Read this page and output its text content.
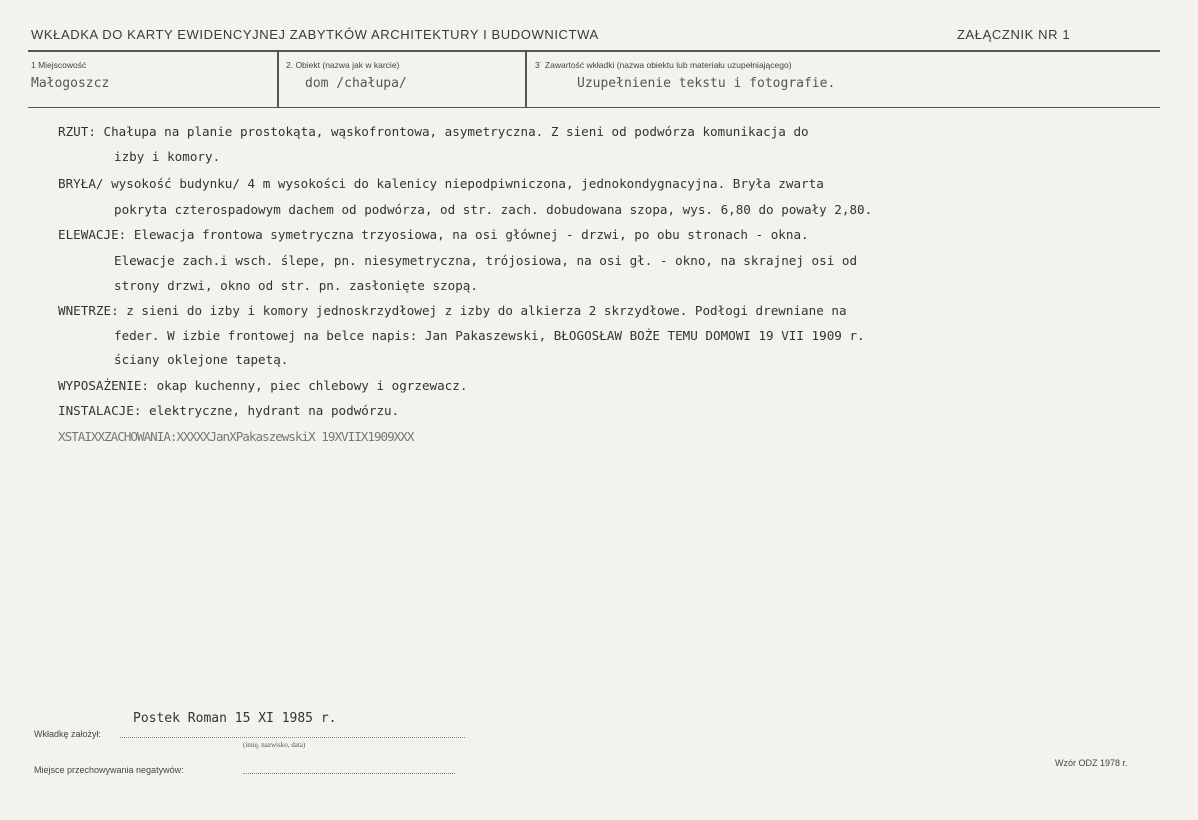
WKŁADKA DO KARTY EWIDENCYJNEJ ZABYTKÓW ARCHITEKTURY I BUDOWNICTWA	ZAŁĄCZNIK NR 1
1 Miejscowość
Małogoszcz
2. Obiekt (nazwa jak w karcie)
dom /chałupa/
3˙ Zawartość wkładki (nazwa obiektu lub materiału uzupełniającego)
Uzupełnienie tekstu i fotografie.
RZUT: Chałupa na planie prostokąta, wąskofrontowa, asymetryczna. Z sieni od podwórza komunikacja do
izby i komory.
BRYŁA/ wysokość budynku/ 4 m wysokości do kalenicy niepodpiwniczona, jednokondygnacyjna. Bryła zwarta
pokryta czterospadowym dachem od podwórza, od str. zach. dobudowana szopa, wys. 6,80 do powały 2,80.
ELEWACJE: Elewacja frontowa symetryczna trzyosiowa, na osi głównej - drzwi, po obu stronach - okna.
Elewacje zach.i wsch. ślepe, pn. niesymetryczna, trójosiowa, na osi gł. - okno, na skrajnej osi od
strony drzwi, okno od str. pn. zasłonięte szopą.
WNETRZE: z sieni do izby i komory jednoskrzydłowej z izby do alkierza 2 skrzydłowe. Podłogi drewniane na
feder. W izbie frontowej na belce napis: Jan Pakaszewski, BŁOGOSŁAW BOŻE TEMU DOMOWI 19 VII 1909 r.
ściany oklejone tapetą.
WYPOSAŻENIE: okap kuchenny, piec chlebowy i ogrzewacz.
INSTALACJE: elektryczne, hydrant na podwórzu.
XSTAIXXZACHOWANIA:XXXXXJanXPakaszewskiX 19XVIIX1909XXX
Postek Roman 15 XI 1985 r.
Wkładkę założył:
(imię, nazwisko, data)
Miejsce przechowywania negatywów:
Wzór ODZ 1978 r.
